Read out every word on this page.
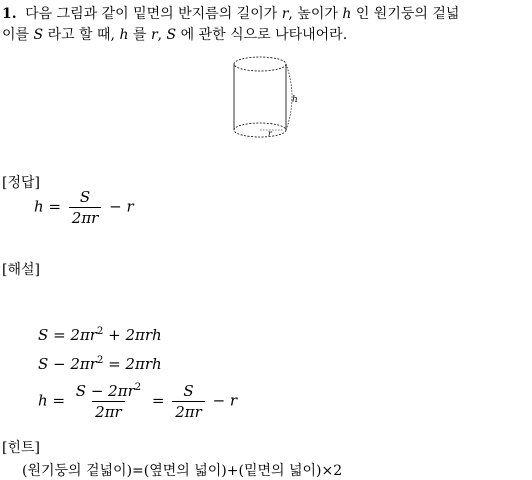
1. 다음 그림과 같이 밑면의 반지름의 길이가 r, 높이가 h 인 원기둥의 겉넓
이를 S 라고 할 때, h 를 r, S 에 관한 식으로 나타내어라.
h
r
[정답]
$h = \frac{S}{2\pi r} - r$
[해설]
$S = 2\pi r^2 + 2\pi rh$
$S - 2\pi r^2 = 2\pi rh$
$h = \frac{S - 2\pi r^2}{2\pi r} = \frac{S}{2\pi r} - r$
[힌트]
(원기둥의 겉넓이)=(옆면의 넓이)+(밑면의 넓이)×2
